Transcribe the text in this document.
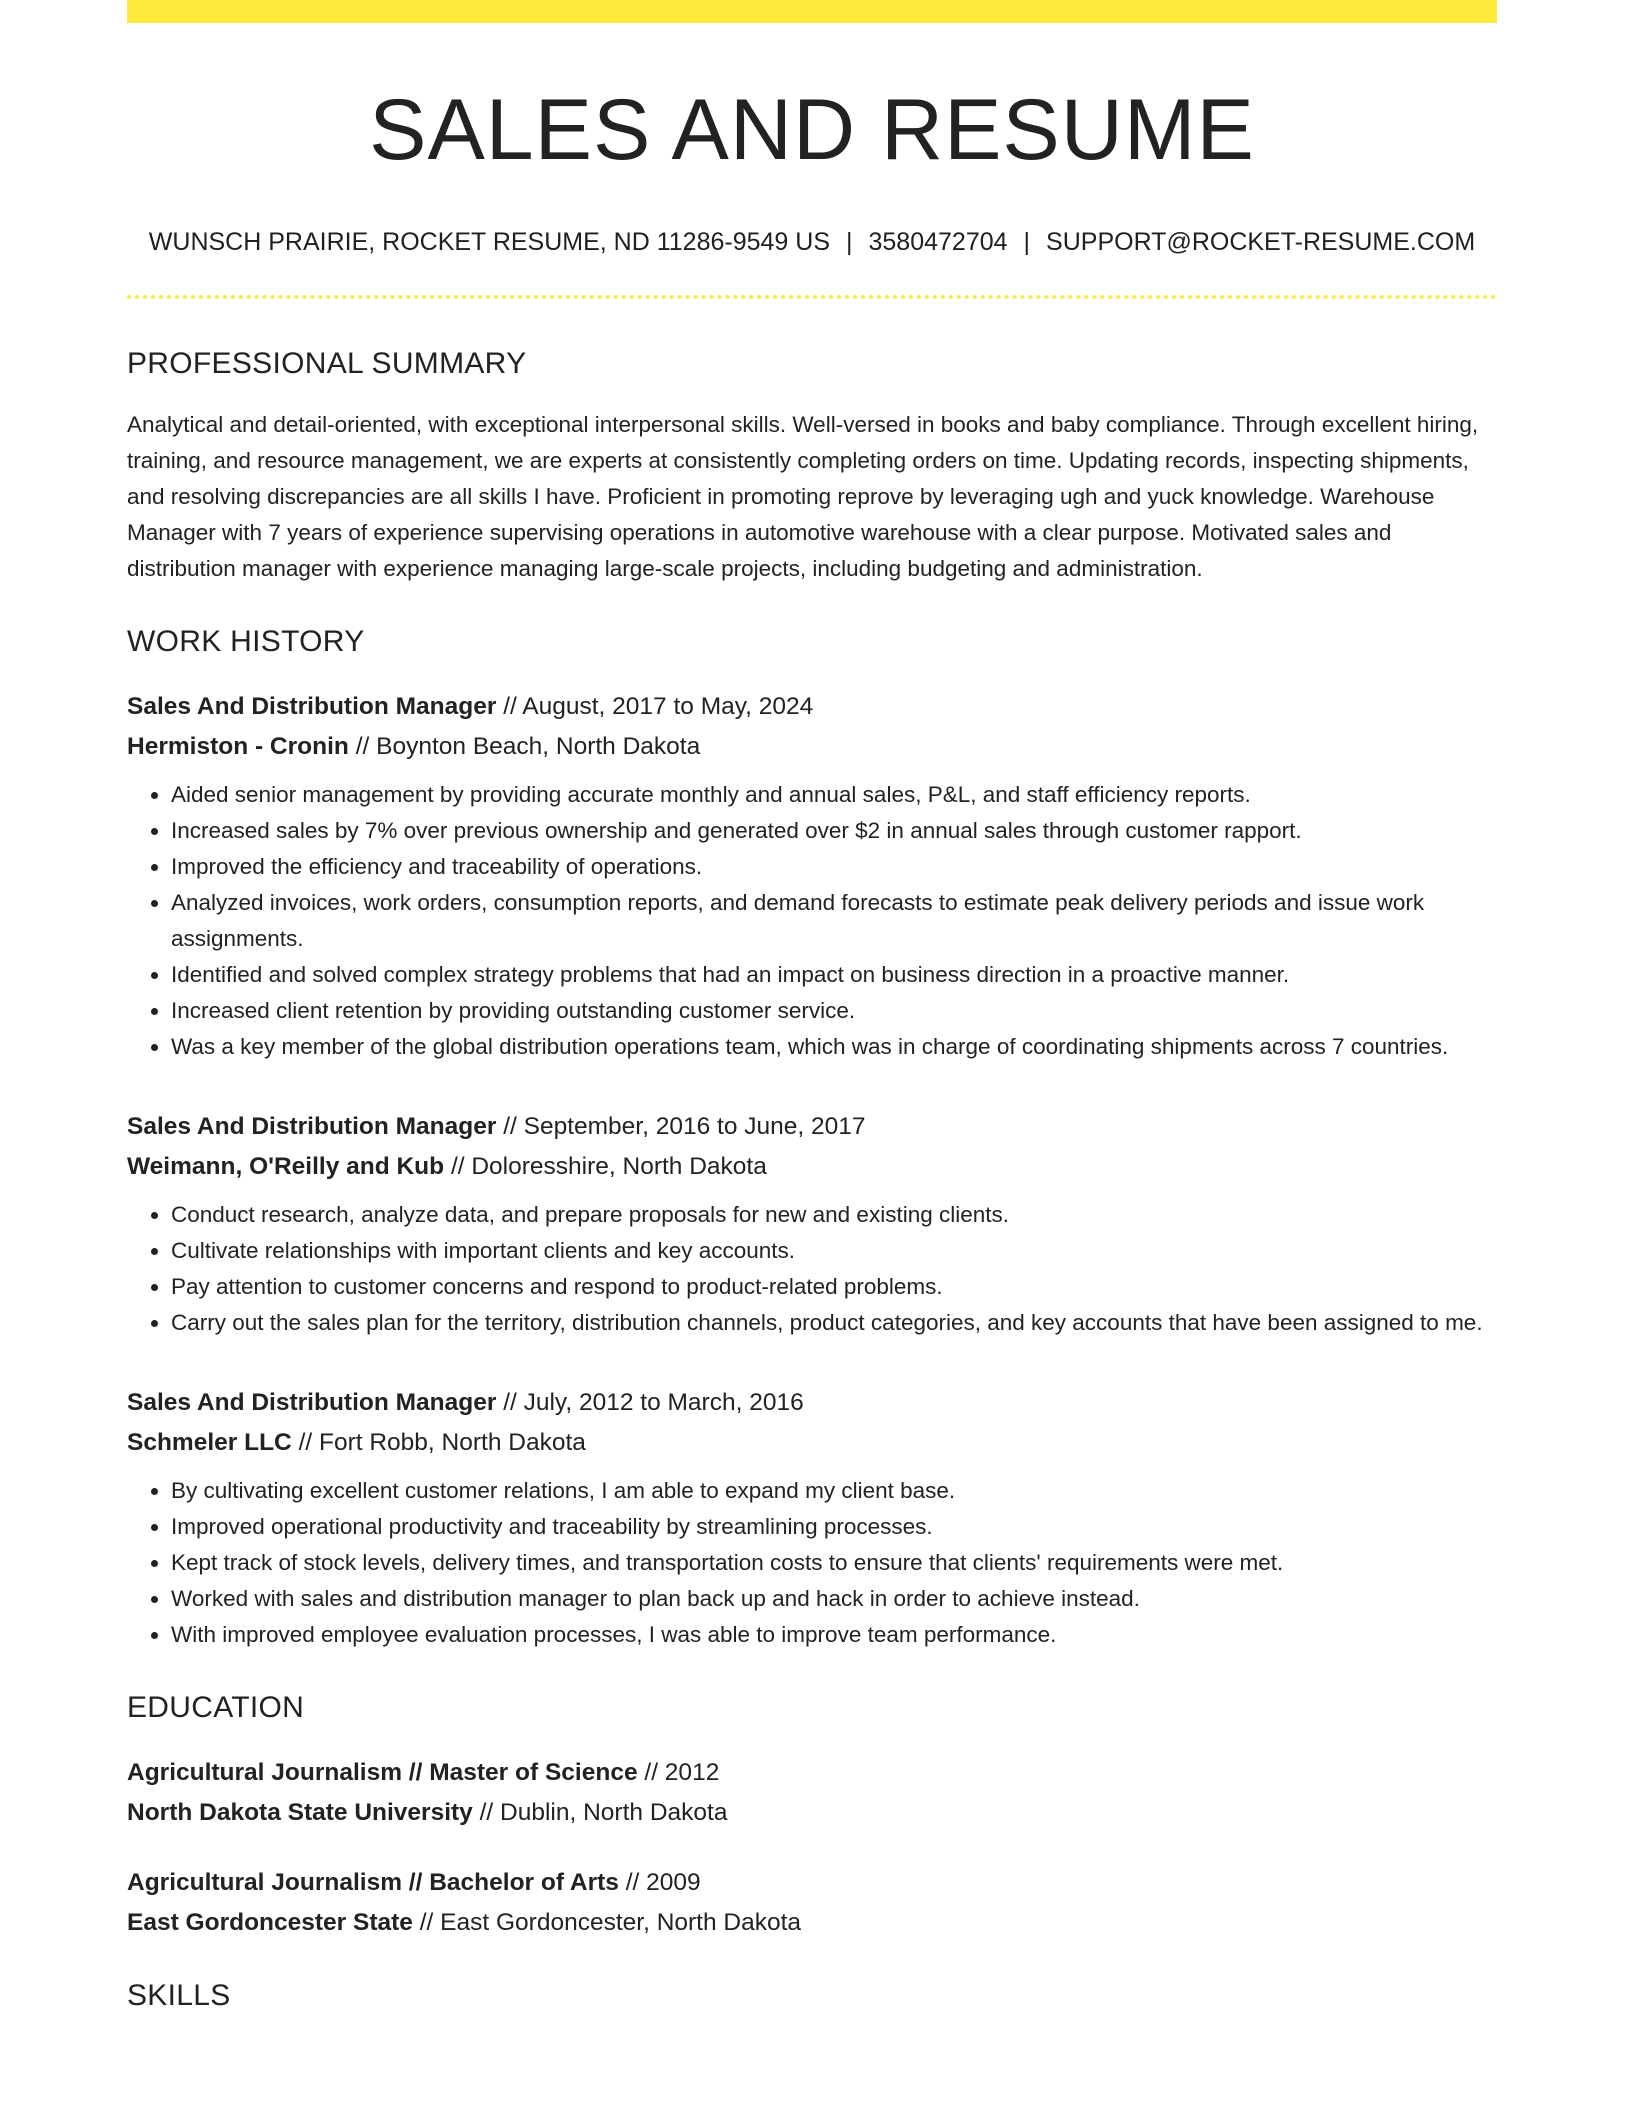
SALES AND RESUME
WUNSCH PRAIRIE, ROCKET RESUME, ND 11286-9549 US | 3580472704 | SUPPORT@ROCKET-RESUME.COM
PROFESSIONAL SUMMARY

Analytical and detail-oriented, with exceptional interpersonal skills. Well-versed in books and baby compliance. Through excellent hiring, training, and resource management, we are experts at consistently completing orders on time. Updating records, inspecting shipments, and resolving discrepancies are all skills I have. Proficient in promoting reprove by leveraging ugh and yuck knowledge. Warehouse Manager with 7 years of experience supervising operations in automotive warehouse with a clear purpose. Motivated sales and distribution manager with experience managing large-scale projects, including budgeting and administration.

WORK HISTORY
Sales And Distribution Manager // August, 2017 to May, 2024
Hermiston - Cronin // Boynton Beach, North Dakota
• Aided senior management by providing accurate monthly and annual sales, P&L, and staff efficiency reports.
• Increased sales by 7% over previous ownership and generated over $2 in annual sales through customer rapport.
• Improved the efficiency and traceability of operations.
• Analyzed invoices, work orders, consumption reports, and demand forecasts to estimate peak delivery periods and issue work assignments.
• Identified and solved complex strategy problems that had an impact on business direction in a proactive manner.
• Increased client retention by providing outstanding customer service.
• Was a key member of the global distribution operations team, which was in charge of coordinating shipments across 7 countries.
Sales And Distribution Manager // September, 2016 to June, 2017
Weimann, O'Reilly and Kub // Doloresshire, North Dakota
• Conduct research, analyze data, and prepare proposals for new and existing clients.
• Cultivate relationships with important clients and key accounts.
• Pay attention to customer concerns and respond to product-related problems.
• Carry out the sales plan for the territory, distribution channels, product categories, and key accounts that have been assigned to me.
Sales And Distribution Manager // July, 2012 to March, 2016
Schmeler LLC // Fort Robb, North Dakota
• By cultivating excellent customer relations, I am able to expand my client base.
• Improved operational productivity and traceability by streamlining processes.
• Kept track of stock levels, delivery times, and transportation costs to ensure that clients' requirements were met.
• Worked with sales and distribution manager to plan back up and hack in order to achieve instead.
• With improved employee evaluation processes, I was able to improve team performance.
EDUCATION
Agricultural Journalism // Master of Science // 2012
North Dakota State University // Dublin, North Dakota
Agricultural Journalism // Bachelor of Arts // 2009
East Gordoncester State // East Gordoncester, North Dakota
SKILLS
